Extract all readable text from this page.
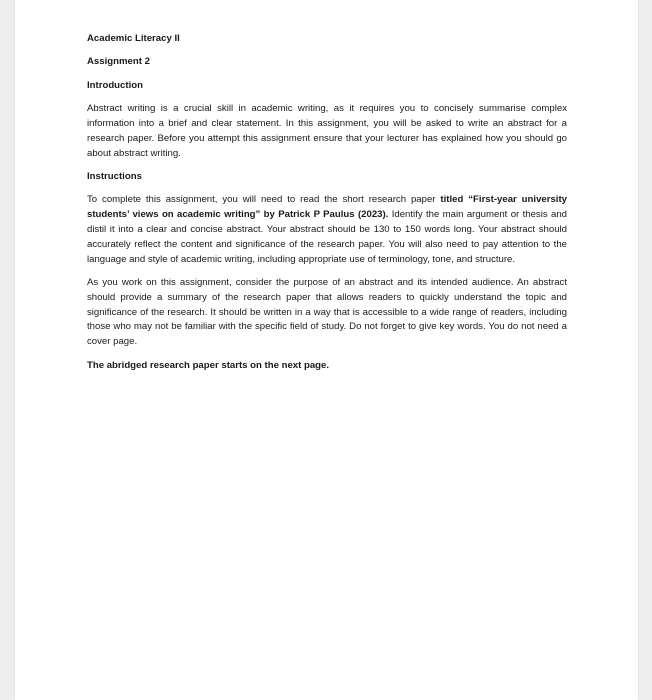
Academic Literacy II
Assignment 2
Introduction

Abstract writing is a crucial skill in academic writing, as it requires you to concisely summarise complex information into a brief and clear statement. In this assignment, you will be asked to write an abstract for a research paper. Before you attempt this assignment ensure that your lecturer has explained how you should go about abstract writing.

Instructions

To complete this assignment, you will need to read the short research paper titled “First-year university students’ views on academic writing” by Patrick P Paulus (2023). Identify the main argument or thesis and distil it into a clear and concise abstract. Your abstract should be 130 to 150 words long. Your abstract should accurately reflect the content and significance of the research paper. You will also need to pay attention to the language and style of academic writing, including appropriate use of terminology, tone, and structure.

As you work on this assignment, consider the purpose of an abstract and its intended audience. An abstract should provide a summary of the research paper that allows readers to quickly understand the topic and significance of the research. It should be written in a way that is accessible to a wide range of readers, including those who may not be familiar with the specific field of study. Do not forget to give key words. You do not need a cover page.

The abridged research paper starts on the next page.
